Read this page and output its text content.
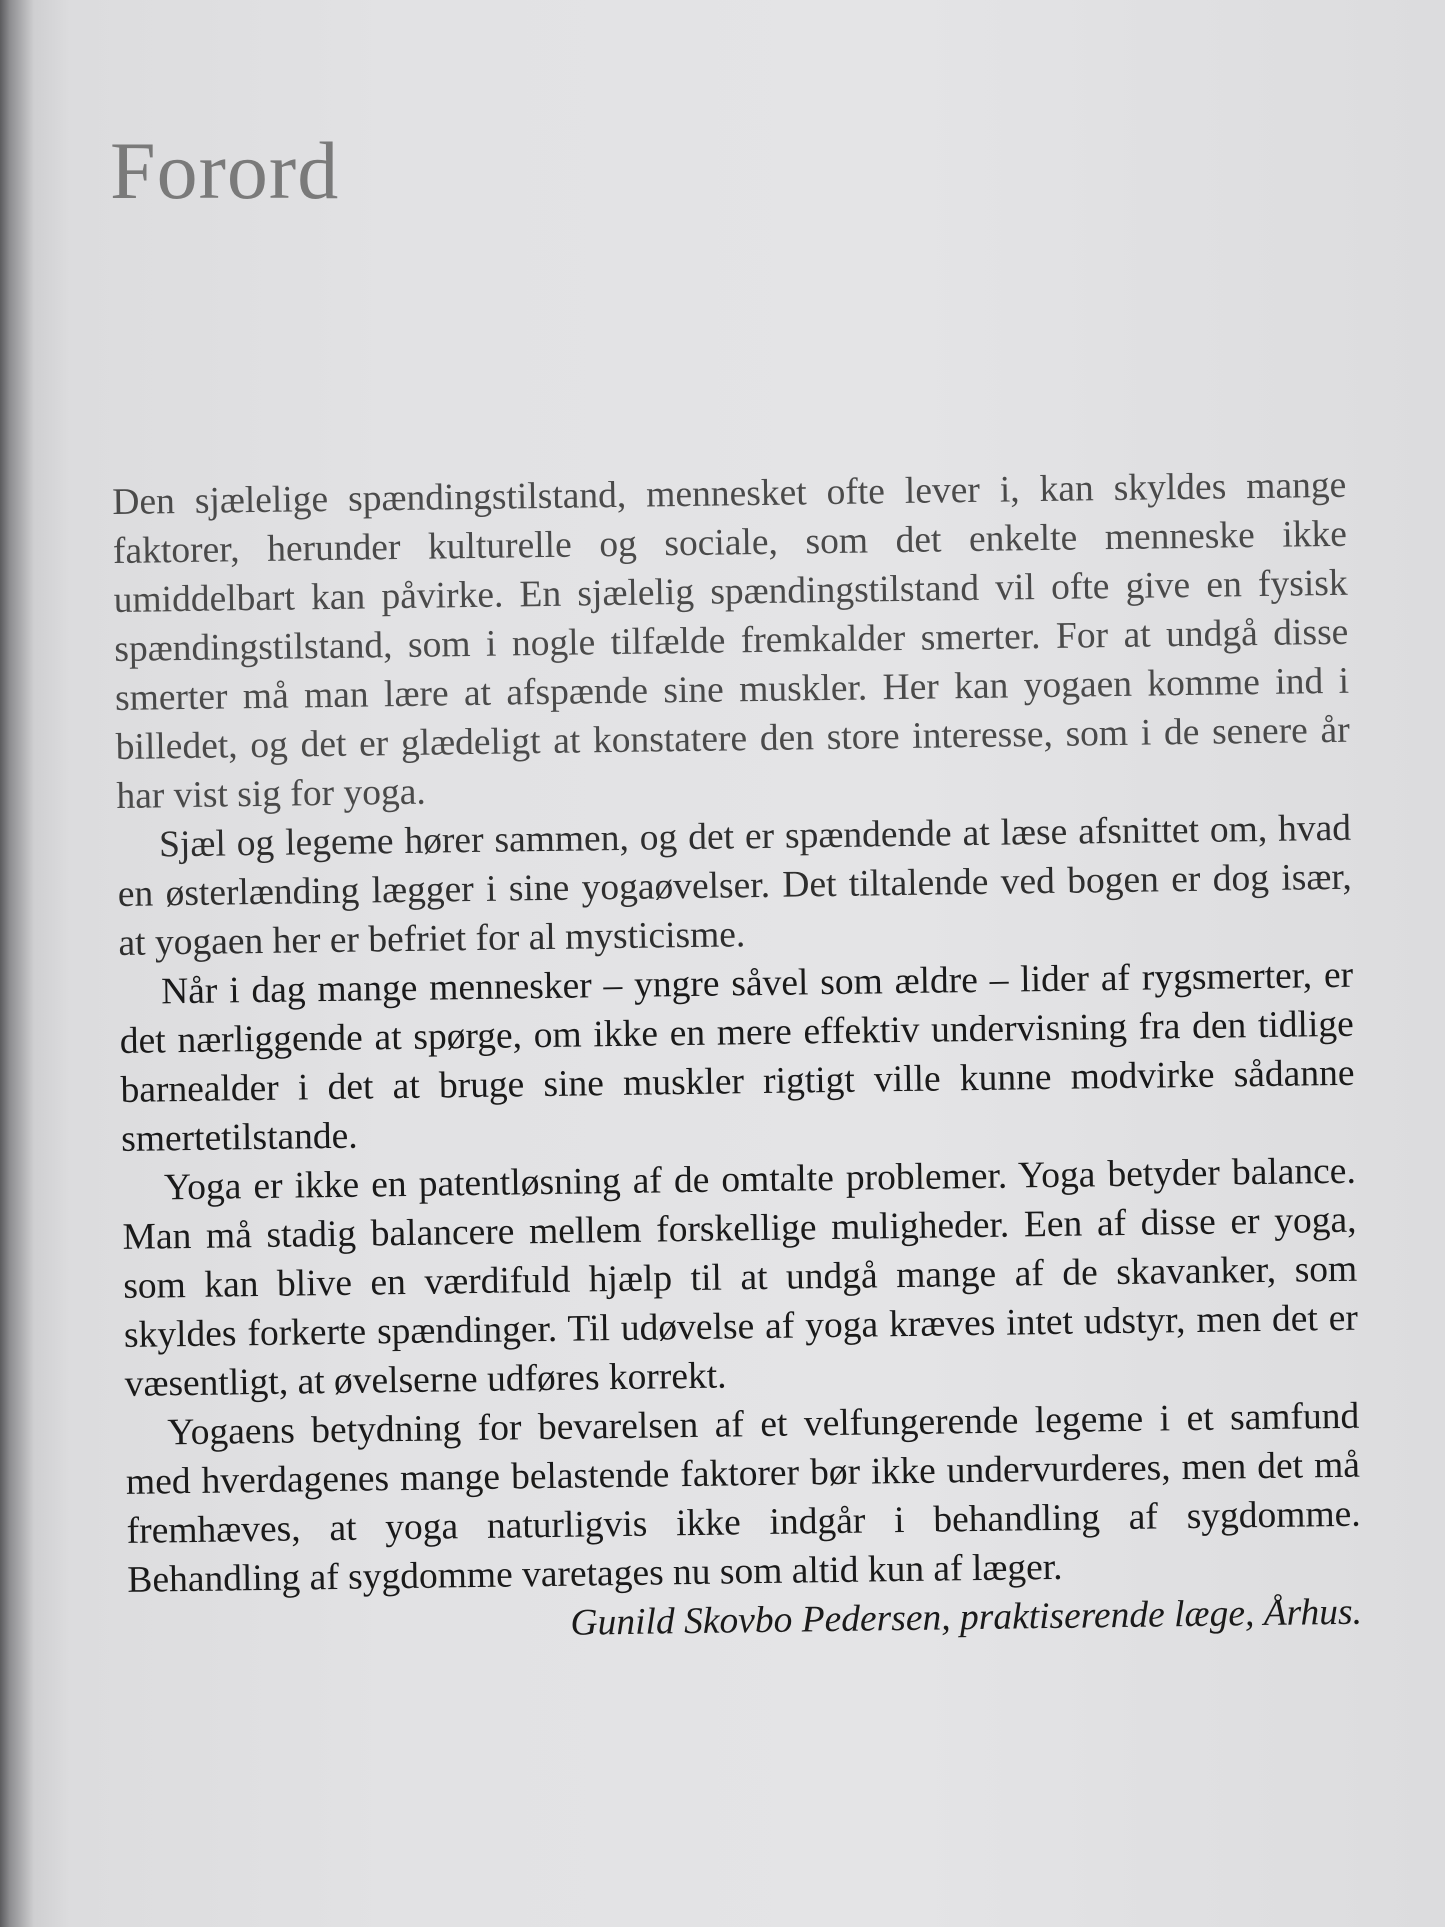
Forord

Den sjælelige spændingstilstand, mennesket ofte lever i, kan skyldes mange faktorer, herunder kulturelle og sociale, som det enkelte menneske ikke umiddelbart kan påvirke. En sjælelig spændingstilstand vil ofte give en fysisk spændingstilstand, som i nogle tilfælde fremkalder smerter. For at undgå disse smerter må man lære at afspænde sine muskler. Her kan yogaen komme ind i billedet, og det er glædeligt at konstatere den store interesse, som i de senere år har vist sig for yoga.

Sjæl og legeme hører sammen, og det er spændende at læse afsnittet om, hvad en østerlænding lægger i sine yogaøvelser. Det tiltalende ved bogen er dog især, at yogaen her er befriet for al mysticisme.

Når i dag mange mennesker – yngre såvel som ældre – lider af rygsmerter, er det nærliggende at spørge, om ikke en mere effektiv undervisning fra den tidlige barnealder i det at bruge sine muskler rigtigt ville kunne modvirke sådanne smertetilstande.

Yoga er ikke en patentløsning af de omtalte problemer. Yoga betyder balance. Man må stadig balancere mellem forskellige muligheder. Een af disse er yoga, som kan blive en værdifuld hjælp til at undgå mange af de skavanker, som skyldes forkerte spændinger. Til udøvelse af yoga kræves intet udstyr, men det er væsentligt, at øvelserne udføres korrekt.

Yogaens betydning for bevarelsen af et velfungerende legeme i et samfund med hverdagenes mange belastende faktorer bør ikke undervurderes, men det må fremhæves, at yoga naturligvis ikke indgår i behandling af sygdomme. Behandling af sygdomme varetages nu som altid kun af læger.

Gunild Skovbo Pedersen, praktiserende læge, Århus.
